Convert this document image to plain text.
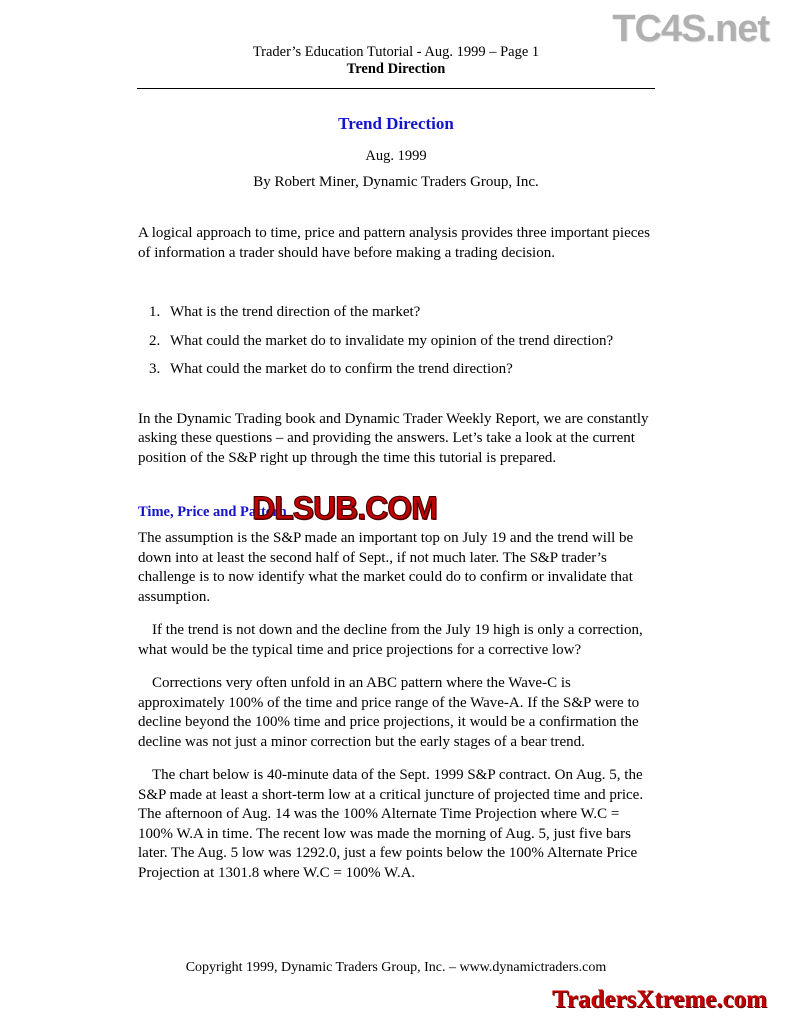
TC4S.net
Trader’s Education Tutorial - Aug. 1999 – Page 1
Trend Direction
Trend Direction
Aug. 1999
By Robert Miner, Dynamic Traders Group, Inc.

A logical approach to time, price and pattern analysis provides three important pieces of information a trader should have before making a trading decision.

1. What is the trend direction of the market?
2. What could the market do to invalidate my opinion of the trend direction?
3. What could the market do to confirm the trend direction?

In the Dynamic Trading book and Dynamic Trader Weekly Report, we are constantly asking these questions – and providing the answers. Let’s take a look at the current position of the S&P right up through the time this tutorial is prepared.

Time, Price and Pattern

The assumption is the S&P made an important top on July 19 and the trend will be down into at least the second half of Sept., if not much later. The S&P trader’s challenge is to now identify what the market could do to confirm or invalidate that assumption.

If the trend is not down and the decline from the July 19 high is only a correction, what would be the typical time and price projections for a corrective low?

Corrections very often unfold in an ABC pattern where the Wave-C is approximately 100% of the time and price range of the Wave-A. If the S&P were to decline beyond the 100% time and price projections, it would be a confirmation the decline was not just a minor correction but the early stages of a bear trend.

The chart below is 40-minute data of the Sept. 1999 S&P contract. On Aug. 5, the S&P made at least a short-term low at a critical juncture of projected time and price. The afternoon of Aug. 14 was the 100% Alternate Time Projection where W.C = 100% W.A in time. The recent low was made the morning of Aug. 5, just five bars later. The Aug. 5 low was 1292.0, just a few points below the 100% Alternate Price Projection at 1301.8 where W.C = 100% W.A.

DLSUB.COM
Copyright 1999, Dynamic Traders Group, Inc. – www.dynamictraders.com
TradersXtreme.com
